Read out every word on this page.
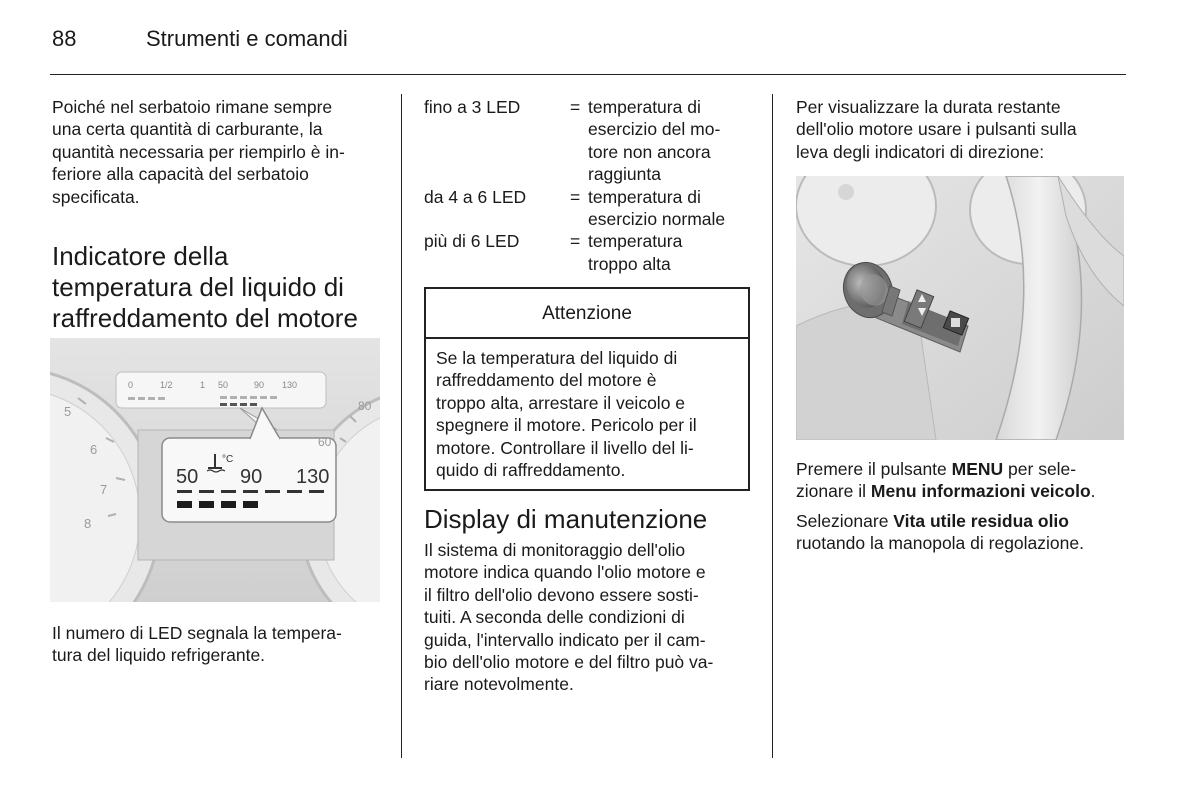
88	Strumenti e comandi

Poiché nel serbatoio rimane sempre
una certa quantità di carburante, la
quantità necessaria per riempirlo è in-
feriore alla capacità del serbatoio
specificata.

Indicatore della
temperatura del liquido di
raffreddamento del motore
0	1/2	1 50	90 130
50 90 130
°C
5
6
7
8
80
60
Il numero di LED segnala la tempera-
tura del liquido refrigerante.
fino a 3 LED	= temperatura di
esercizio del mo-
tore non ancora
raggiunta
da 4 a 6 LED	= temperatura di
esercizio normale
più di 6 LED	= temperatura
troppo alta
Attenzione
Se la temperatura del liquido di
raffreddamento del motore è
troppo alta, arrestare il veicolo e
spegnere il motore. Pericolo per il
motore. Controllare il livello del li-
quido di raffreddamento.
Display di manutenzione

Il sistema di monitoraggio dell'olio
motore indica quando l'olio motore e
il filtro dell'olio devono essere sosti-
tuiti. A seconda delle condizioni di
guida, l'intervallo indicato per il cam-
bio dell'olio motore e del filtro può va-
riare notevolmente.

Per visualizzare la durata restante
dell'olio motore usare i pulsanti sulla
leva degli indicatori di direzione:
Premere il pulsante MENU per sele-
zionare il Menu informazioni veicolo.
Selezionare Vita utile residua olio
ruotando la manopola di regolazione.
